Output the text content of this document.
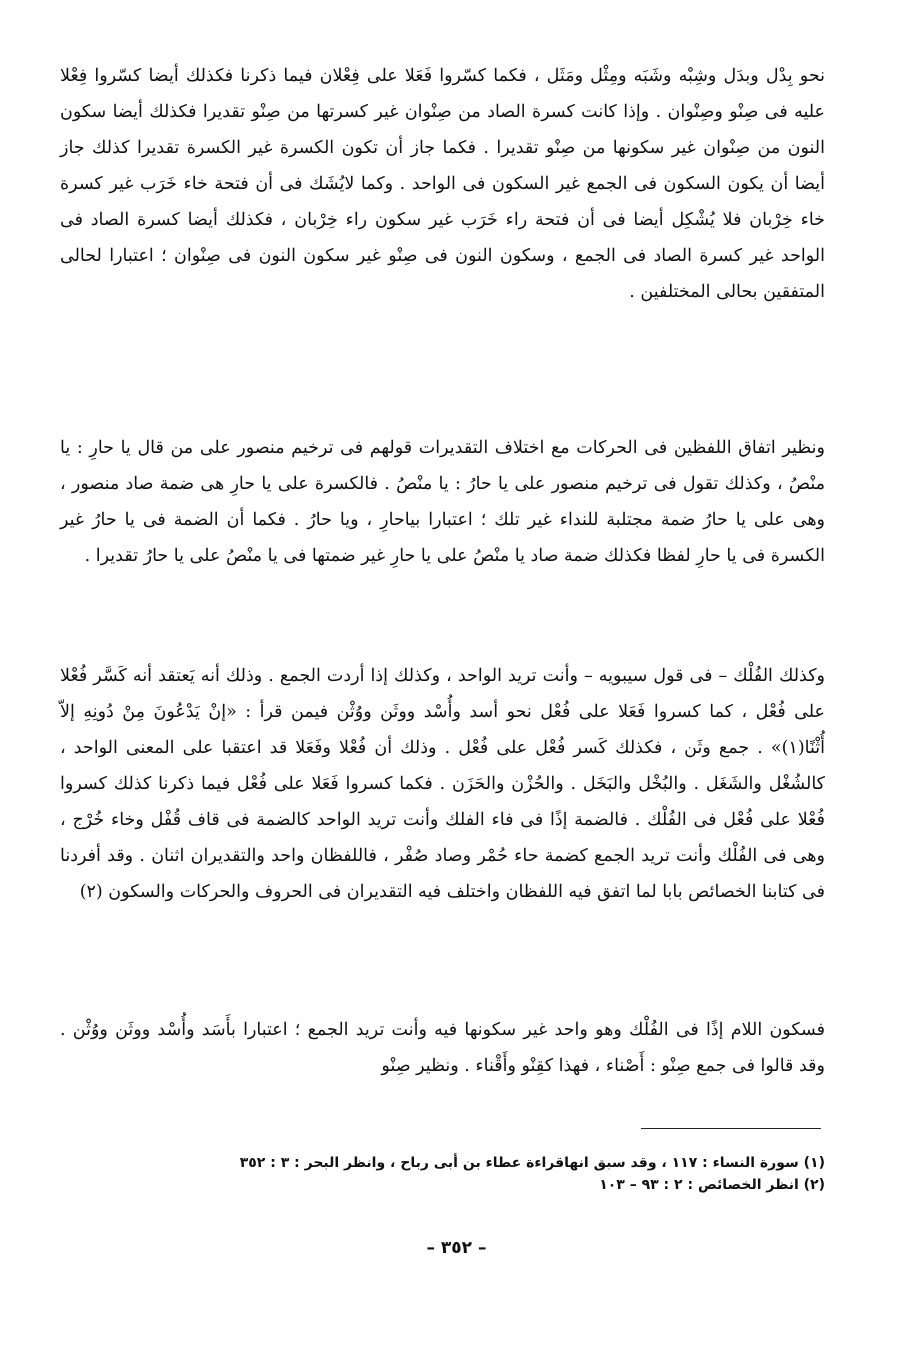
نحو بِدْل وبدَل وشِبْه وشَبَه ومِثْل ومَثَل ، فكما كسّروا فَعَلا على فِعْلان فيما ذكرنا فكذلك أيضا كسّروا فِعْلا عليه فى صِنْو وصِنْوان . وإذا كانت كسرة الصاد من صِنْوان غير كسرتها من صِنْو تقديرا فكذلك أيضا سكون النون من صِنْوان غير سكونها من صِنْو تقديرا . فكما جاز أن تكون الكسرة غير الكسرة تقديرا كذلك جاز أيضا أن يكون السكون فى الجمع غير السكون فى الواحد . وكما لايُشَك فى أن فتحة خاء خَرَب غير كسرة خاء خِرْبان فلا يُشْكِل أيضا فى أن فتحة راء خَرَب غير سكون راء خِرْبان ، فكذلك أيضا كسرة الصاد فى الواحد غير كسرة الصاد فى الجمع ، وسكون النون فى صِنْو غير سكون النون فى صِنْوان ؛ اعتبارا لحالى المتفقين بحالى المختلفين .
ونظير اتفاق اللفظين فى الحركات مع اختلاف التقديرات قولهم فى ترخيم منصور على من قال يا حارِ : يا منْصُ ، وكذلك تقول فى ترخيم منصور على يا حارُ : يا منْصُ . فالكسرة على يا حارِ هى ضمة صاد منصور ، وهى على يا حارُ ضمة مجتلبة للنداء غير تلك ؛ اعتبارا بياحارِ ، ويا حارُ . فكما أن الضمة فى يا حارُ غير الكسرة فى يا حارِ لفظا فكذلك ضمة صاد يا منْصُ على يا حارِ غير ضمتها فى يا منْصُ على يا حارُ تقديرا .
وكذلك الفُلْك – فى قول سيبويه – وأنت تريد الواحد ، وكذلك إذا أردت الجمع . وذلك أنه يَعتقد أنه كَسَّر فُعْلا على فُعْل ، كما كسروا فَعَلا على فُعْل نحو أسد وأُسْد ووثَن ووُثْن فيمن قرأ : «إنْ يَدْعُونَ مِنْ دُونِهِ إلاّ أُثْنًا(١)» . جمع وثَن ، فكذلك كَسر فُعْل على فُعْل . وذلك أن فُعْلا وفَعَلا قد اعتقبا على المعنى الواحد ، كالشُغْل والشَغَل . والبُخْل والبَخَل . والحُزْن والحَزَن . فكما كسروا فَعَلا على فُعْل فيما ذكرنا كذلك كسروا فُعْلا على فُعْل فى الفُلْك . فالضمة إذًا فى فاء الفلك وأنت تريد الواحد كالضمة فى قاف قُفْل وخاء خُرْج ، وهى فى الفُلْك وأنت تريد الجمع كضمة حاء حُمْر وصاد صُفْر ، فاللفظان واحد والتقديران اثنان . وقد أفردنا فى كتابنا الخصائص بابا لما اتفق فيه اللفظان واختلف فيه التقديران فى الحروف والحركات والسكون (٢)
فسكون اللام إذًا فى الفُلْك وهو واحد غير سكونها فيه وأنت تريد الجمع ؛ اعتبارا بأَسَد وأُسْد ووثَن ووُثْن . وقد قالوا فى جمع صِنْو : أَصْناء ، فهذا كقِنْو وأَقْناء . ونظير صِنْو
(١) سورة النساء : ١١٧ ، وقد سبق انهاقراءة عطاء بن أبى رباح ، وانظر البحر : ٣ : ٣٥٢
(٢) انظر الخصائص : ٢ : ٩٣ – ١٠٣
– ٣٥٢ –
